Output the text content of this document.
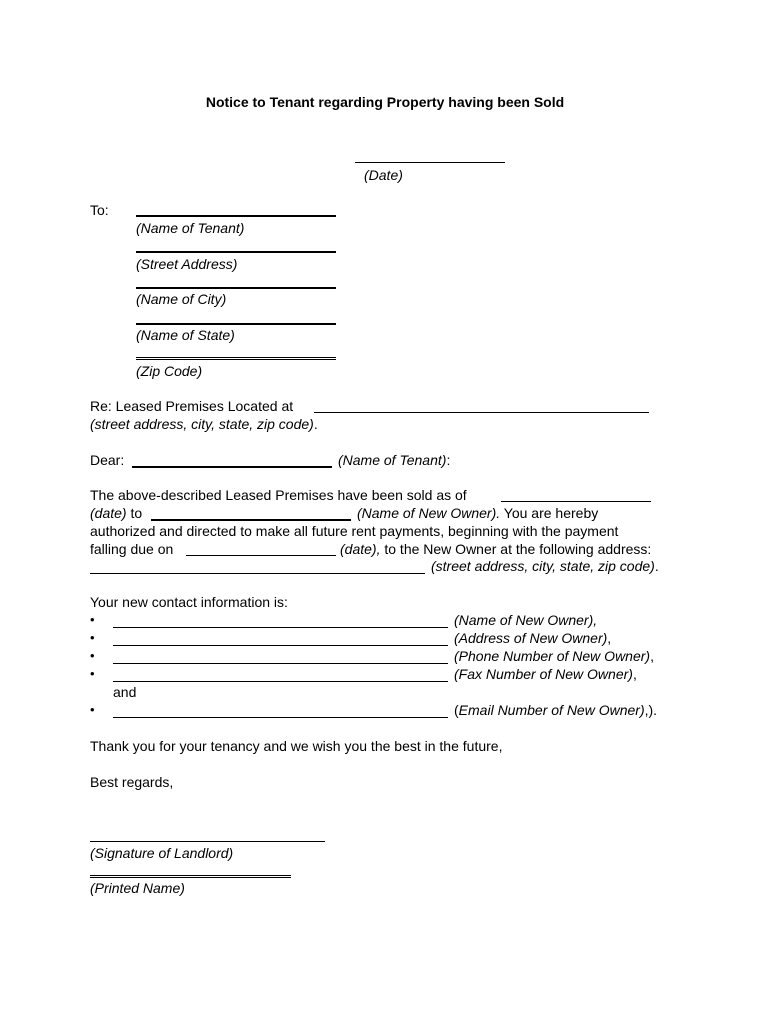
Notice to Tenant regarding Property having been Sold
(Date)
To:
(Name of Tenant)
(Street Address)
(Name of City)
(Name of State)
(Zip Code)
Re: Leased Premises Located at
(street address, city, state, zip code).
Dear:	(Name of Tenant):
The above-described Leased Premises have been sold as of
(date) to	(Name of New Owner). You are hereby
authorized and directed to make all future rent payments, beginning with the payment
falling due on	(date), to the New Owner at the following address:
(street address, city, state, zip code).
Your new contact information is:
•	(Name of New Owner),
•	(Address of New Owner),
•	(Phone Number of New Owner),
•	(Fax Number of New Owner),
and
•	(Email Number of New Owner),).
Thank you for your tenancy and we wish you the best in the future,
Best regards,
(Signature of Landlord)
(Printed Name)
